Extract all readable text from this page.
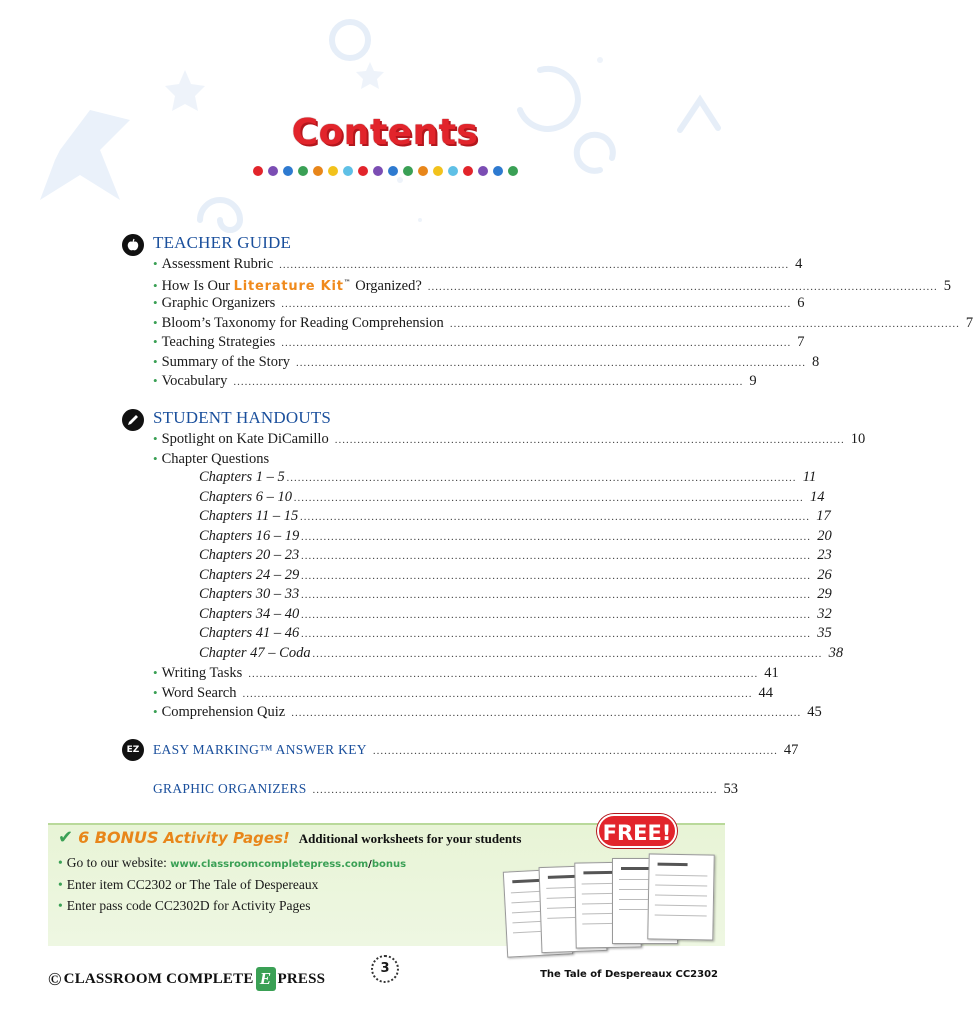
Contents
TEACHER GUIDE
• Assessment Rubric ........................................................................................................................................ 4
• How Is Our Literature Kit™ Organized? ........................................................................................................................................ 5
• Graphic Organizers ........................................................................................................................................ 6
• Bloom’s Taxonomy for Reading Comprehension ........................................................................................................................................ 7
• Teaching Strategies ........................................................................................................................................ 7
• Summary of the Story ........................................................................................................................................ 8
• Vocabulary ........................................................................................................................................ 9
STUDENT HANDOUTS
• Spotlight on Kate DiCamillo ........................................................................................................................................ 10
• Chapter Questions
Chapters 1 – 5 ........................................................................................................................................ 11
Chapters 6 – 10 ........................................................................................................................................ 14
Chapters 11 – 15 ........................................................................................................................................ 17
Chapters 16 – 19 ........................................................................................................................................ 20
Chapters 20 – 23 ........................................................................................................................................ 23
Chapters 24 – 29 ........................................................................................................................................ 26
Chapters 30 – 33 ........................................................................................................................................ 29
Chapters 34 – 40 ........................................................................................................................................ 32
Chapters 41 – 46 ........................................................................................................................................ 35
Chapter 47 – Coda ........................................................................................................................................ 38
• Writing Tasks ........................................................................................................................................ 41
• Word Search ........................................................................................................................................ 44
• Comprehension Quiz ........................................................................................................................................ 45
EZ EASY MARKING™ ANSWER KEY ............................................................................................................ 47
GRAPHIC ORGANIZERS ............................................................................................................ 53
✔ 6 BONUS Activity Pages! Additional worksheets for your students	FREE!
• Go to our website: www.classroomcompletepress.com/bonus
• Enter item CC2302 or The Tale of Despereaux
• Enter pass code CC2302D for Activity Pages
© CLASSROOM COMPLETE E PRESS
3	The Tale of Despereaux CC2302
